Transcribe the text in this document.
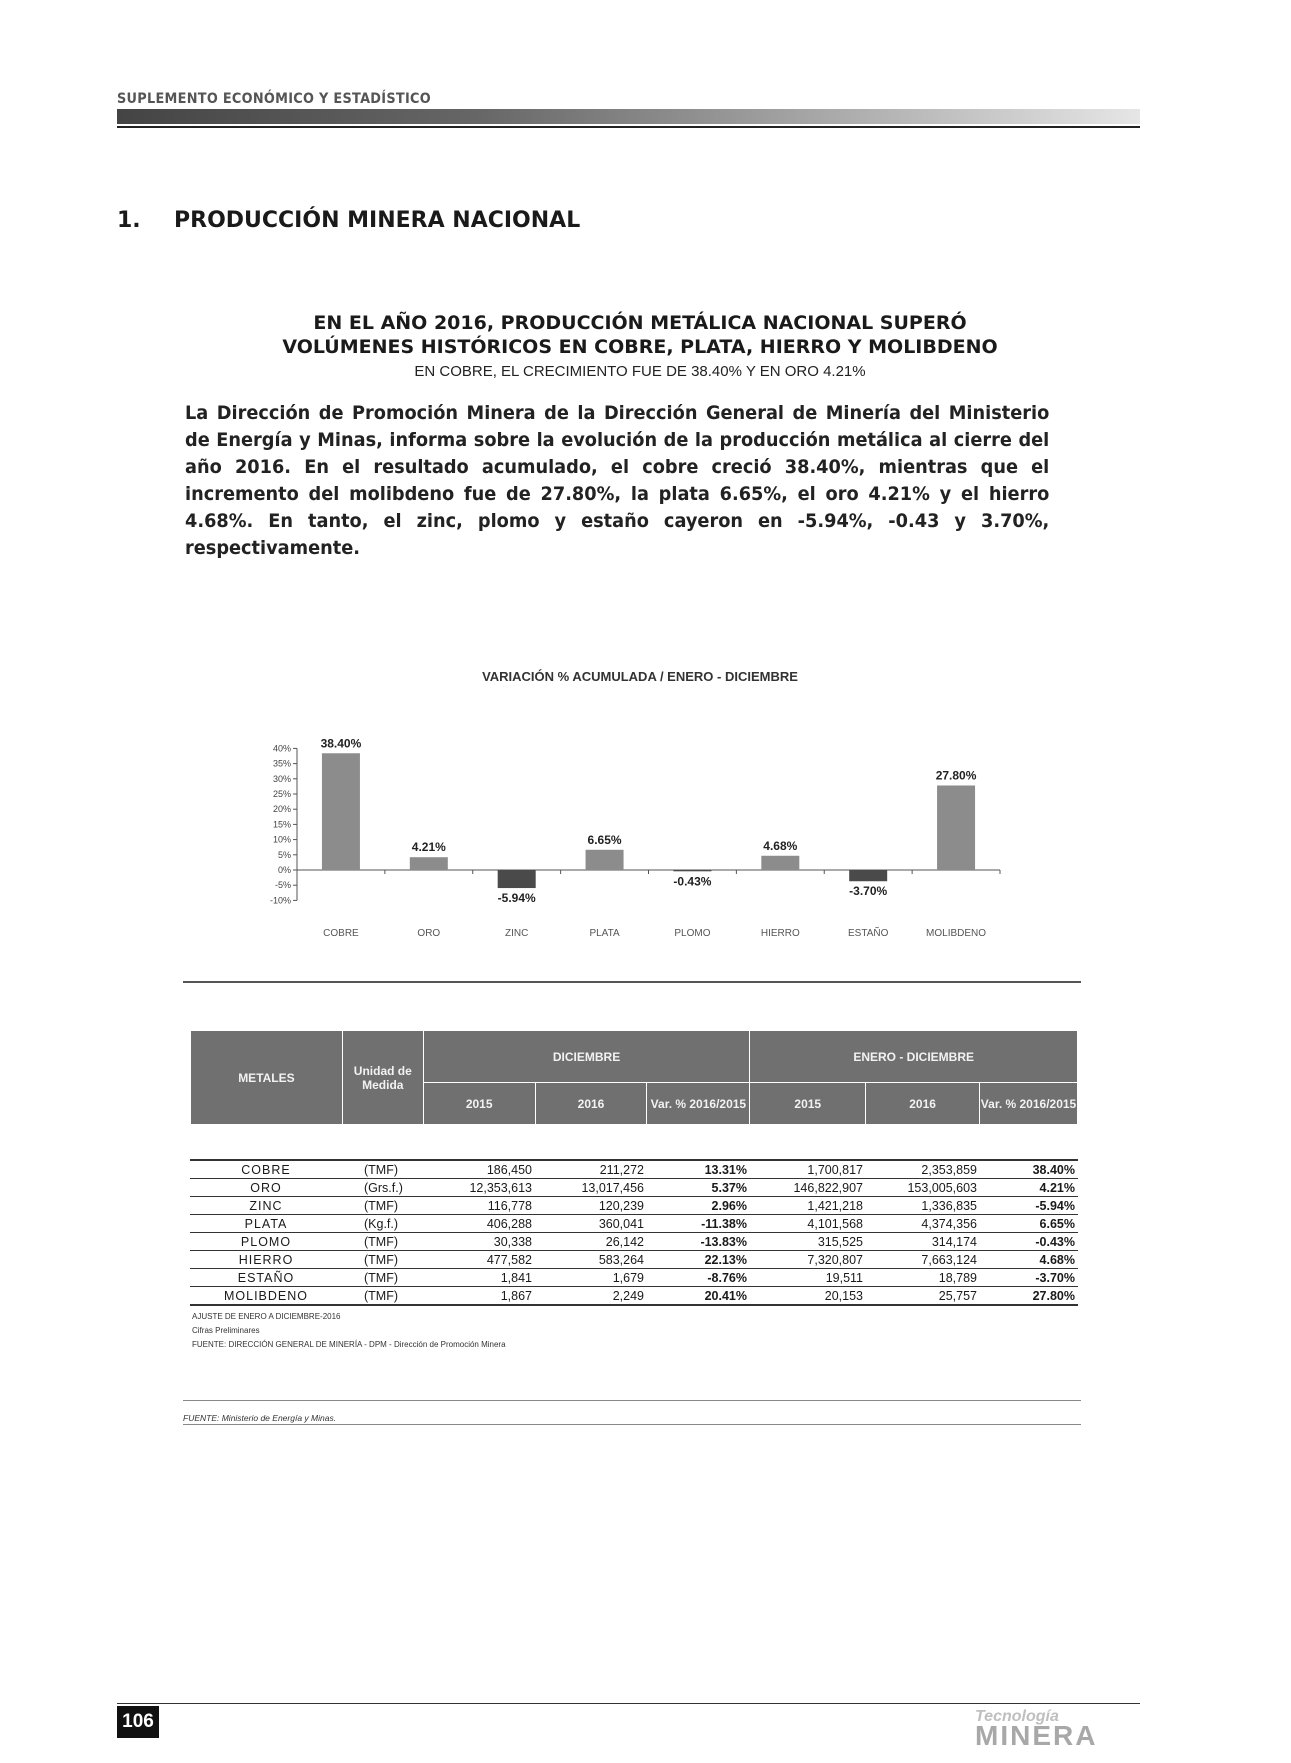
SUPLEMENTO ECONÓMICO Y ESTADÍSTICO
1. PRODUCCIÓN MINERA NACIONAL
EN EL AÑO 2016, PRODUCCIÓN METÁLICA NACIONAL SUPERÓ
VOLÚMENES HISTÓRICOS EN COBRE, PLATA, HIERRO Y MOLIBDENO
EN COBRE, EL CRECIMIENTO FUE DE 38.40% Y EN ORO 4.21%
La Dirección de Promoción Minera de la Dirección General de Minería del Ministerio de Energía y Minas, informa sobre la evolución de la producción metálica al cierre del año 2016. En el resultado acumulado, el cobre creció 38.40%, mientras que el incremento del molibdeno fue de 27.80%, la plata 6.65%, el oro 4.21% y el hierro 4.68%. En tanto, el zinc, plomo y estaño cayeron en -5.94%, -0.43 y 3.70%, respectivamente.
VARIACIÓN % ACUMULADA / ENERO - DICIEMBRE
40%
35%
30%
25%
20%
15%
10%
5%
0%
-5%
-10%
38.40%
COBRE
4.21%
ORO
-5.94%
ZINC
6.65%
PLATA
-0.43%
PLOMO
4.68%
HIERRO
-3.70%
ESTAÑO
27.80%
MOLIBDENO
METALES	Unidad de Medida	DICIEMBRE			ENERO - DICIEMBRE		
		2015	2016	Var. % 2016/2015	2015	2016	Var. % 2016/2015
COBRE	(TMF)	186,450	211,272	13.31%	1,700,817	2,353,859	38.40%
ORO	(Grs.f.)	12,353,613	13,017,456	5.37%	146,822,907	153,005,603	4.21%
ZINC	(TMF)	116,778	120,239	2.96%	1,421,218	1,336,835	-5.94%
PLATA	(Kg.f.)	406,288	360,041	-11.38%	4,101,568	4,374,356	6.65%
PLOMO	(TMF)	30,338	26,142	-13.83%	315,525	314,174	-0.43%
HIERRO	(TMF)	477,582	583,264	22.13%	7,320,807	7,663,124	4.68%
ESTAÑO	(TMF)	1,841	1,679	-8.76%	19,511	18,789	-3.70%
MOLIBDENO	(TMF)	1,867	2,249	20.41%	20,153	25,757	27.80%
AJUSTE DE ENERO A DICIEMBRE-2016
Cifras Preliminares
FUENTE: DIRECCIÓN GENERAL DE MINERÍA - DPM - Dirección de Promoción Minera
FUENTE: Ministerio de Energía y Minas.
106	Tecnología
MINERA
